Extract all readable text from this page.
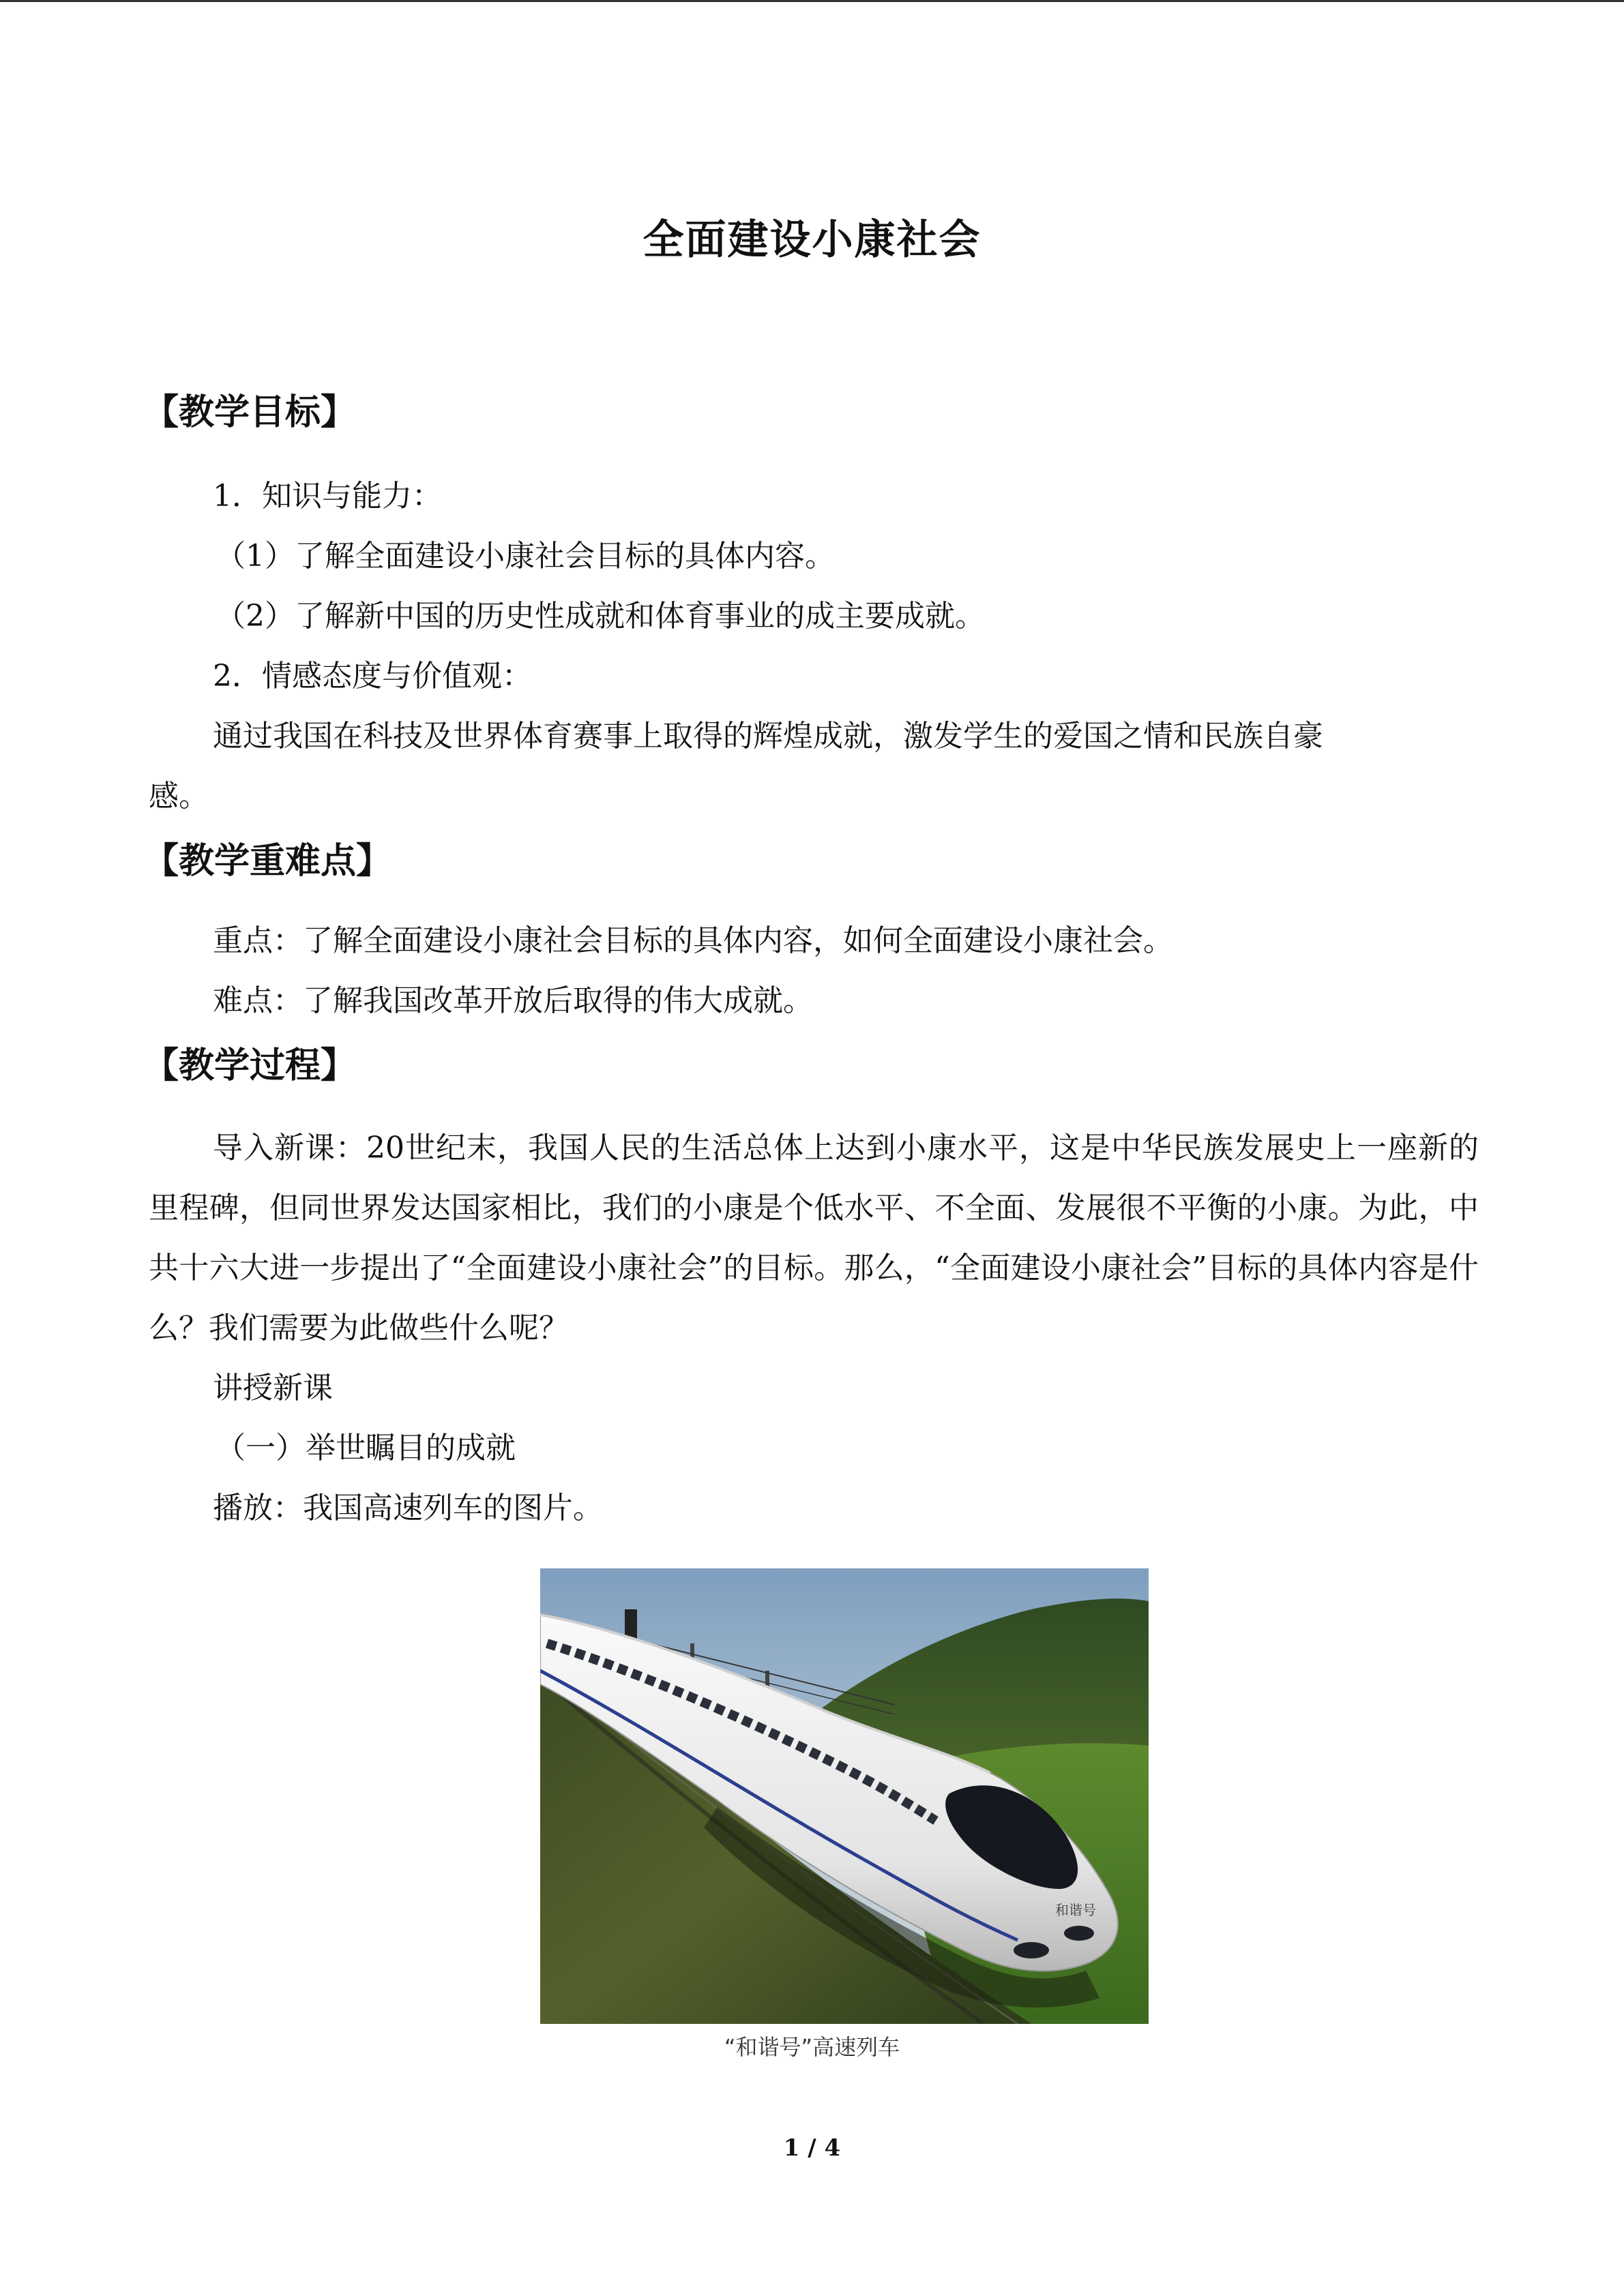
全面建设小康社会
【教学目标】
1．知识与能力：
（1）了解全面建设小康社会目标的具体内容。
（2）了解新中国的历史性成就和体育事业的成主要成就。
2．情感态度与价值观：
通过我国在科技及世界体育赛事上取得的辉煌成就，激发学生的爱国之情和民族自豪
感。
【教学重难点】
重点：了解全面建设小康社会目标的具体内容，如何全面建设小康社会。
难点：了解我国改革开放后取得的伟大成就。
【教学过程】
导入新课：20世纪末，我国人民的生活总体上达到小康水平，这是中华民族发展史上一座新的里程碑，但同世界发达国家相比，我们的小康是个低水平、不全面、发展很不平衡的小康。为此，中共十六大进一步提出了“全面建设小康社会”的目标。那么，“全面建设小康社会”目标的具体内容是什么？我们需要为此做些什么呢？
讲授新课
（一）举世瞩目的成就
播放：我国高速列车的图片。
和谐号
“和谐号”高速列车
1 / 4
